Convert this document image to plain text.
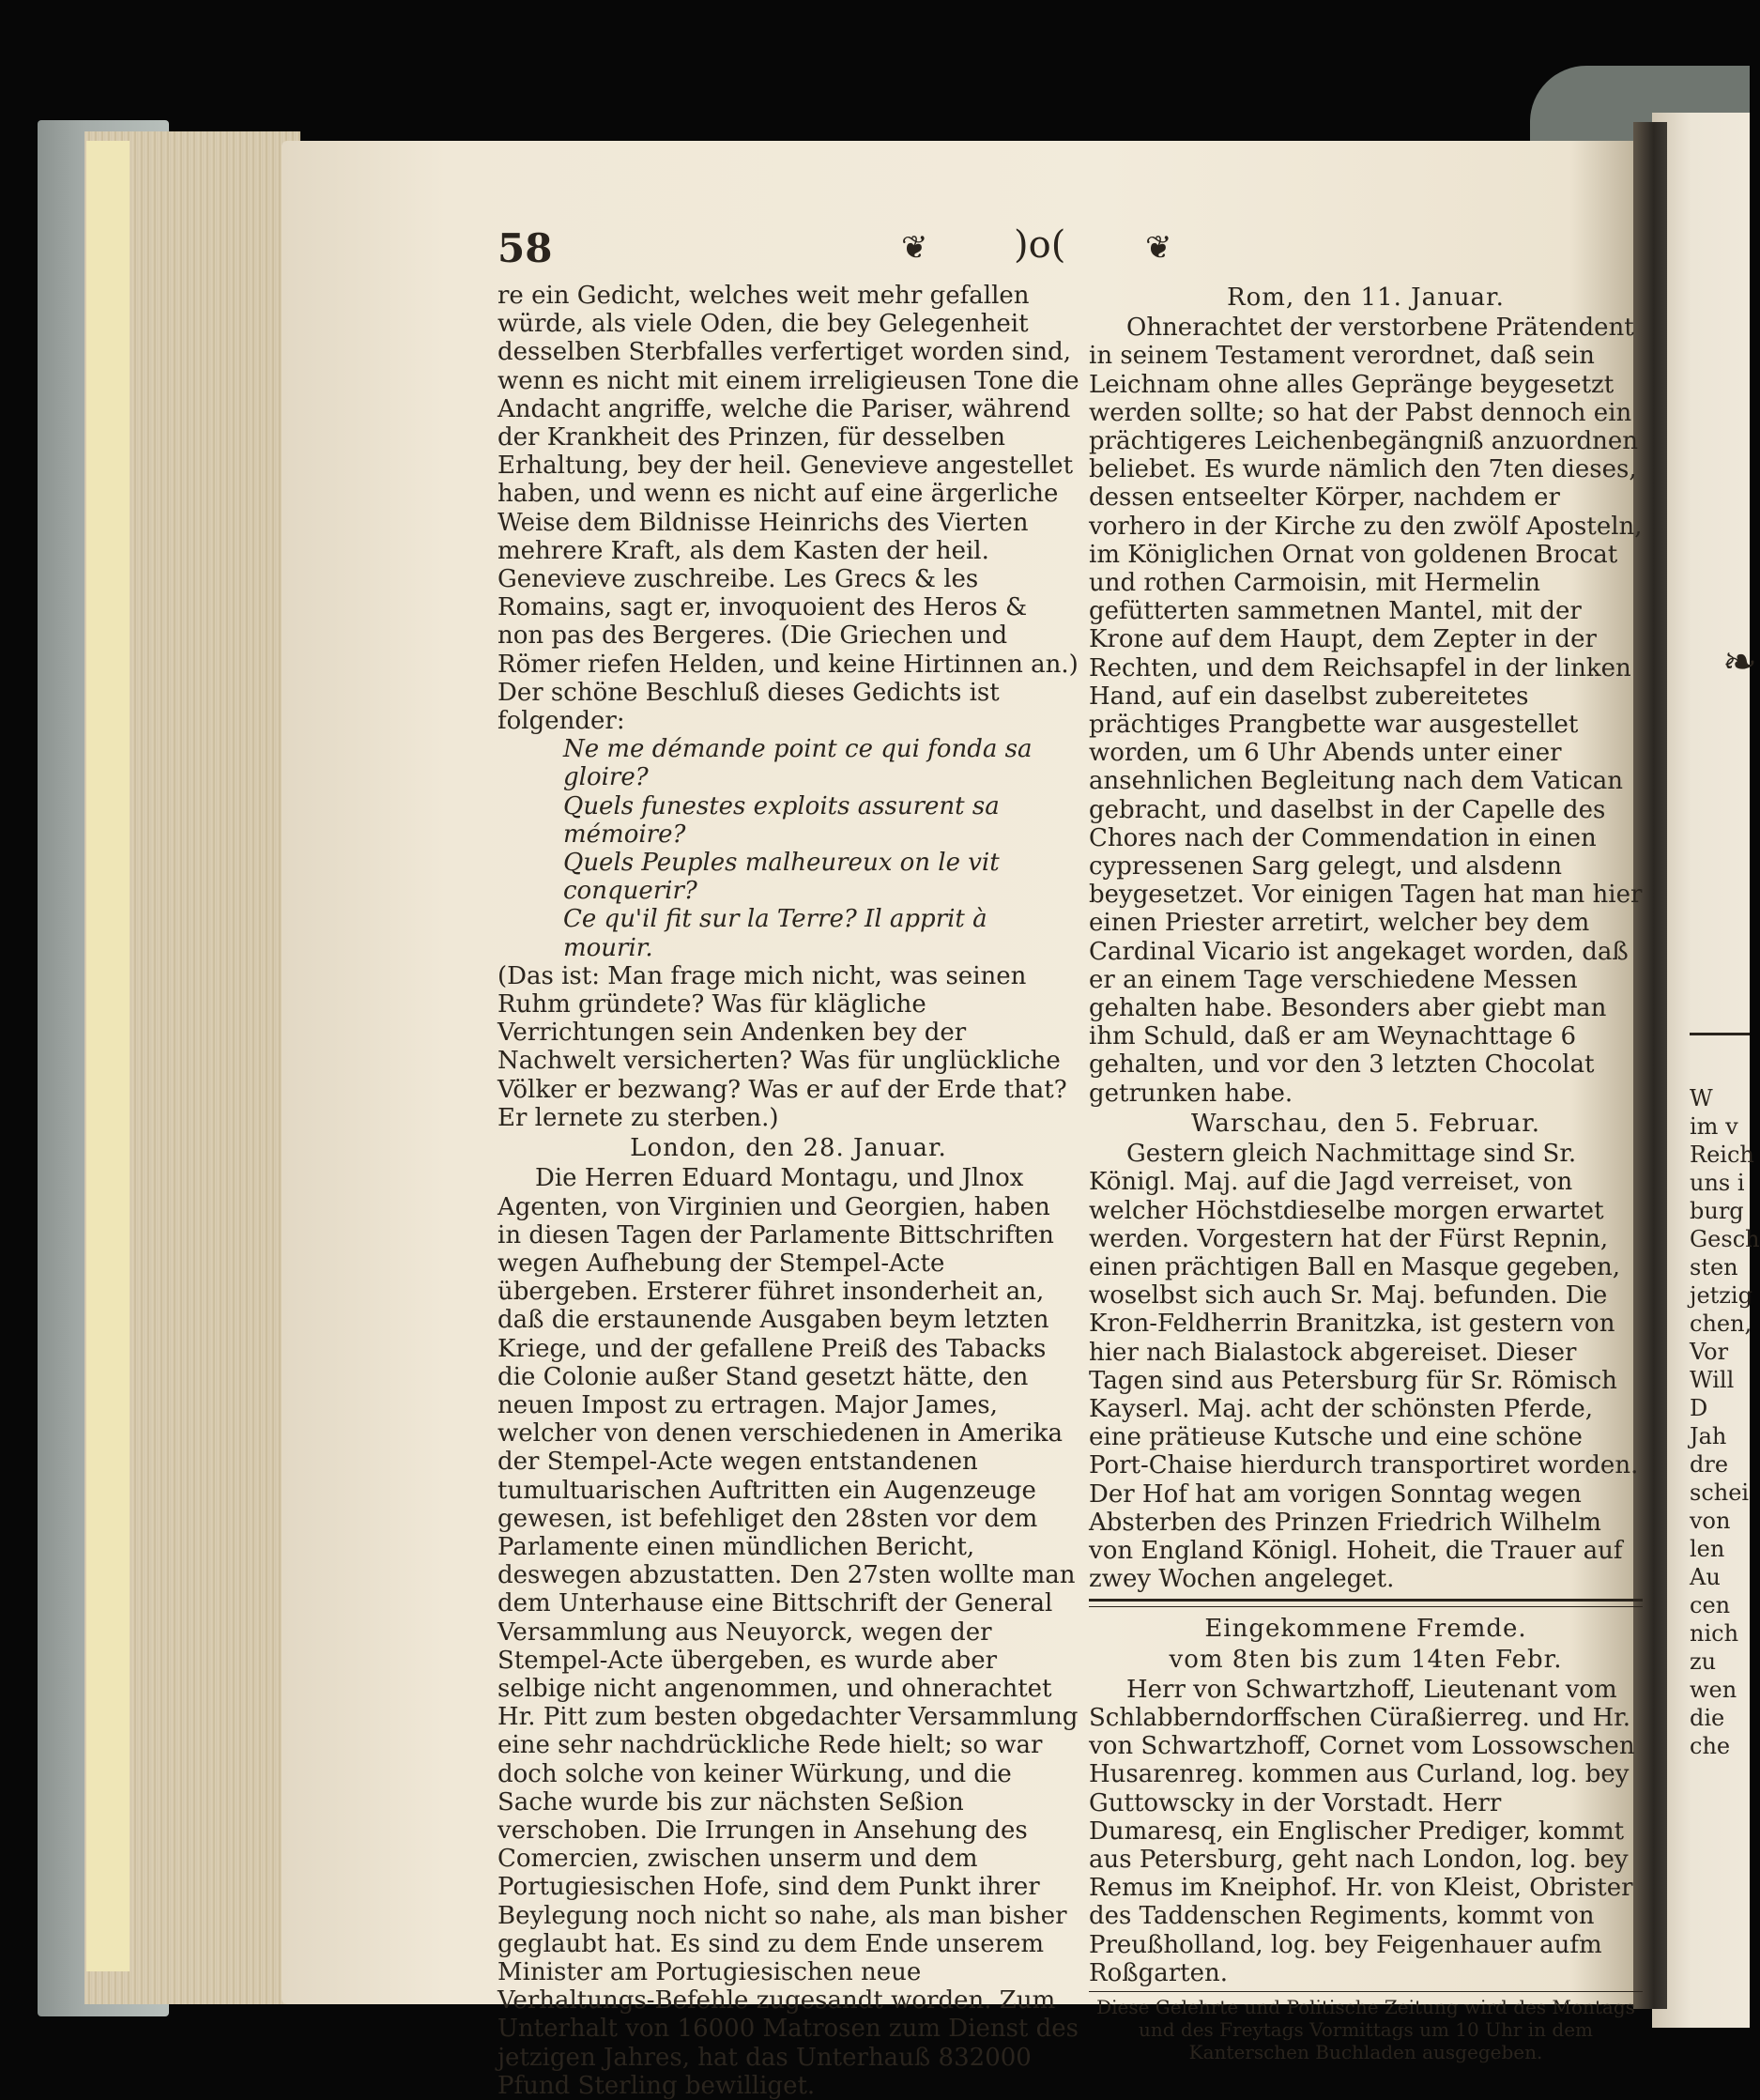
58	❦ )o( ❦

re ein Gedicht, welches weit mehr gefallen würde, als viele Oden, die bey Gelegenheit desselben Sterbfalles verfertiget worden sind, wenn es nicht mit einem irreligieusen Tone die Andacht angriffe, welche die Pariser, während der Krankheit des Prinzen, für desselben Erhaltung, bey der heil. Genevieve angestellet haben, und wenn es nicht auf eine ärgerliche Weise dem Bildnisse Heinrichs des Vierten mehrere Kraft, als dem Kasten der heil. Genevieve zuschreibe. Les Grecs & les Romains, sagt er, invoquoient des Heros & non pas des Bergeres. (Die Griechen und Römer riefen Helden, und keine Hirtinnen an.) Der schöne Beschluß dieses Gedichts ist folgender:

Ne me démande point ce qui fonda sa gloire?

Quels funestes exploits assurent sa mémoire?

Quels Peuples malheureux on le vit conquerir?

Ce qu'il fit sur la Terre? Il apprit à mourir.

(Das ist: Man frage mich nicht, was seinen Ruhm gründete? Was für klägliche Verrichtungen sein Andenken bey der Nachwelt versicherten? Was für unglückliche Völker er bezwang? Was er auf der Erde that? Er lernete zu sterben.)

London, den 28. Januar.

Die Herren Eduard Montagu, und Jlnox Agenten, von Virginien und Georgien, haben in diesen Tagen der Parlamente Bittschriften wegen Aufhebung der Stempel-Acte übergeben. Ersterer führet insonderheit an, daß die erstaunende Ausgaben beym letzten Kriege, und der gefallene Preiß des Tabacks die Colonie außer Stand gesetzt hätte, den neuen Impost zu ertragen. Major James, welcher von denen verschiedenen in Amerika der Stempel-Acte wegen entstandenen tumultuarischen Auftritten ein Augenzeuge gewesen, ist befehliget den 28sten vor dem Parlamente einen mündlichen Bericht, deswegen abzustatten. Den 27sten wollte man dem Unterhause eine Bittschrift der General Versammlung aus Neuyorck, wegen der Stempel-Acte übergeben, es wurde aber selbige nicht angenommen, und ohnerachtet Hr. Pitt zum besten obgedachter Versammlung eine sehr nachdrückliche Rede hielt; so war doch solche von keiner Würkung, und die Sache wurde bis zur nächsten Seßion verschoben. Die Irrungen in Ansehung des Comercien, zwischen unserm und dem Portugiesischen Hofe, sind dem Punkt ihrer Beylegung noch nicht so nahe, als man bisher geglaubt hat. Es sind zu dem Ende unserem Minister am Portugiesischen neue Verhaltungs-Befehle zugesandt worden. Zum Unterhalt von 16000 Matrosen zum Dienst des jetzigen Jahres, hat das Unterhauß 832000 Pfund Sterling bewilliget.

Rom, den 11. Januar.

Ohnerachtet der verstorbene Prätendent in seinem Testament verordnet, daß sein Leichnam ohne alles Gepränge beygesetzt werden sollte; so hat der Pabst dennoch ein prächtigeres Leichenbegängniß anzuordnen beliebet. Es wurde nämlich den 7ten dieses, dessen entseelter Körper, nachdem er vorhero in der Kirche zu den zwölf Aposteln, im Königlichen Ornat von goldenen Brocat und rothen Carmoisin, mit Hermelin gefütterten sammetnen Mantel, mit der Krone auf dem Haupt, dem Zepter in der Rechten, und dem Reichsapfel in der linken Hand, auf ein daselbst zubereitetes prächtiges Prangbette war ausgestellet worden, um 6 Uhr Abends unter einer ansehnlichen Begleitung nach dem Vatican gebracht, und daselbst in der Capelle des Chores nach der Commendation in einen cypressenen Sarg gelegt, und alsdenn beygesetzet. Vor einigen Tagen hat man hier einen Priester arretirt, welcher bey dem Cardinal Vicario ist angekaget worden, daß er an einem Tage verschiedene Messen gehalten habe. Besonders aber giebt man ihm Schuld, daß er am Weynachttage 6 gehalten, und vor den 3 letzten Chocolat getrunken habe.

Warschau, den 5. Februar.

Gestern gleich Nachmittage sind Sr. Königl. Maj. auf die Jagd verreiset, von welcher Höchstdieselbe morgen erwartet werden. Vorgestern hat der Fürst Repnin, einen prächtigen Ball en Masque gegeben, woselbst sich auch Sr. Maj. befunden. Die Kron-Feldherrin Branitzka, ist gestern von hier nach Bialastock abgereiset. Dieser Tagen sind aus Petersburg für Sr. Römisch Kayserl. Maj. acht der schönsten Pferde, eine prätieuse Kutsche und eine schöne Port-Chaise hierdurch transportiret worden. Der Hof hat am vorigen Sonntag wegen Absterben des Prinzen Friedrich Wilhelm von England Königl. Hoheit, die Trauer auf zwey Wochen angeleget.

Eingekommene Fremde.

vom 8ten bis zum 14ten Febr.

Herr von Schwartzhoff, Lieutenant vom Schlabberndorffschen Cüraßierreg. und Hr. von Schwartzhoff, Cornet vom Lossowschen Husarenreg. kommen aus Curland, log. bey Guttowscky in der Vorstadt. Herr Dumaresq, ein Englischer Prediger, kommt aus Petersburg, geht nach London, log. bey Remus im Kneiphof. Hr. von Kleist, Obrister des Taddenschen Regiments, kommt von Preußholland, log. bey Feigenhauer aufm Roßgarten.

Diese Gelehrte und Politische Zeitung wird des Montags und des Freytags Vormittags um 10 Uhr in dem Kanterschen Buchladen ausgegeben.

❧
W
im v
Reich
uns i
burg
Gesch
sten
jetzig
chen,
Vor
Will
D
Jah
dre
schei
von
len
Au
cen
nich
zu
wen
die
che
